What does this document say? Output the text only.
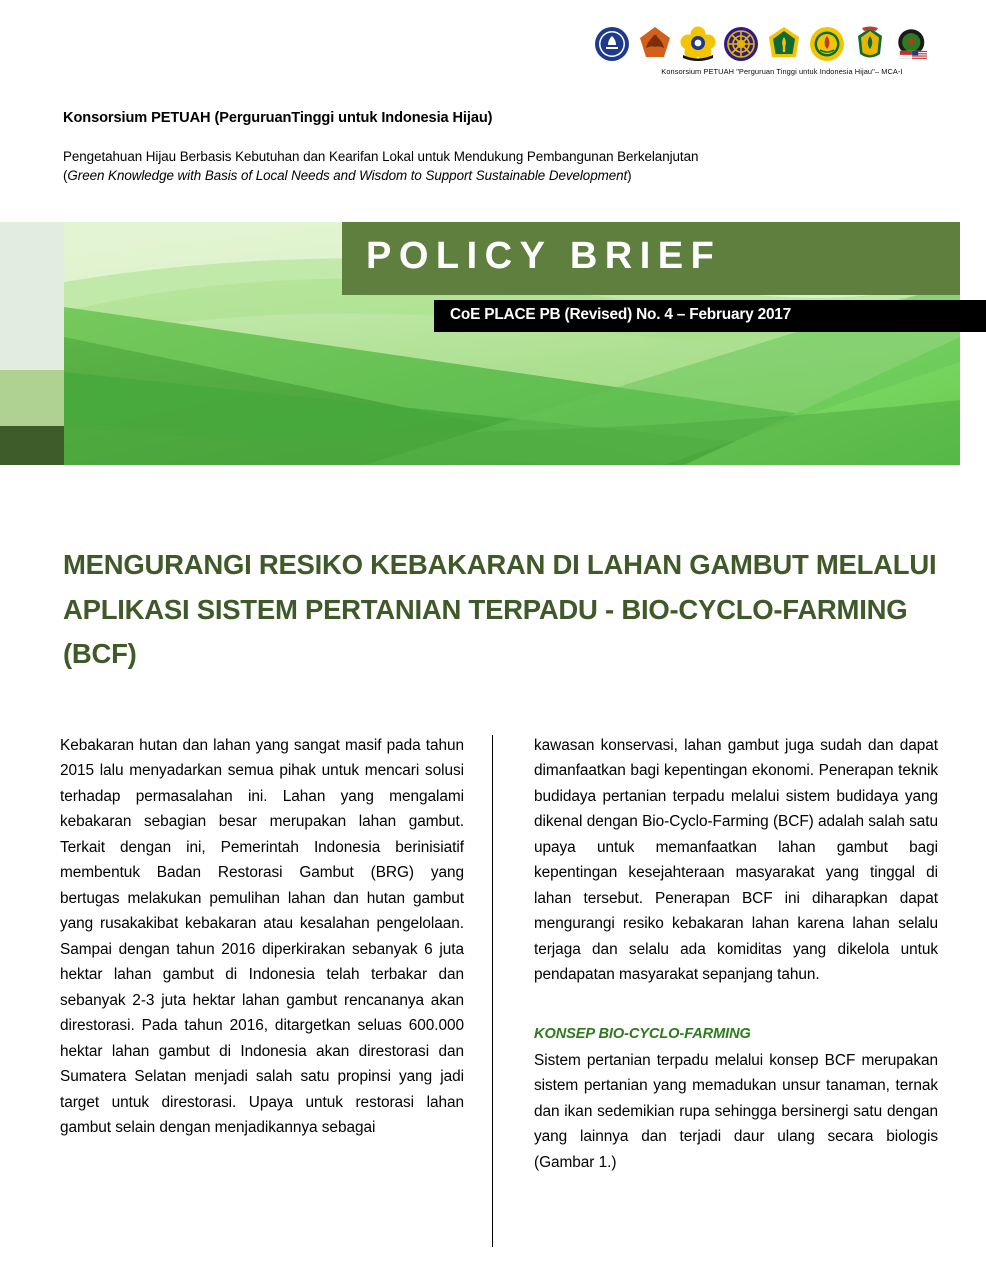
Konsorsium PETUAH "Perguruan Tinggi untuk Indonesia Hijau"– MCA-I
Konsorsium PETUAH (PerguruanTinggi untuk Indonesia Hijau)
Pengetahuan Hijau Berbasis Kebutuhan dan Kearifan Lokal untuk Mendukung Pembangunan Berkelanjutan
(Green Knowledge with Basis of Local Needs and Wisdom to Support Sustainable Development)
POLICY BRIEF
CoE PLACE PB (Revised) No. 4 – February 2017
MENGURANGI RESIKO KEBAKARAN DI LAHAN GAMBUT MELALUI APLIKASI SISTEM PERTANIAN TERPADU - BIO-CYCLO-FARMING (BCF)
Kebakaran hutan dan lahan yang sangat masif pada tahun 2015 lalu menyadarkan semua pihak untuk mencari solusi terhadap permasalahan ini. Lahan yang mengalami kebakaran sebagian besar merupakan lahan gambut. Terkait dengan ini, Pemerintah Indonesia berinisiatif membentuk Badan Restorasi Gambut (BRG) yang bertugas melakukan pemulihan lahan dan hutan gambut yang rusakakibat kebakaran atau kesalahan pengelolaan. Sampai dengan tahun 2016 diperkirakan sebanyak 6 juta hektar lahan gambut di Indonesia telah terbakar dan sebanyak 2-3 juta hektar lahan gambut rencananya akan direstorasi. Pada tahun 2016, ditargetkan seluas 600.000 hektar lahan gambut di Indonesia akan direstorasi dan Sumatera Selatan menjadi salah satu propinsi yang jadi target untuk direstorasi. Upaya untuk restorasi lahan gambut selain dengan menjadikannya sebagai
kawasan konservasi, lahan gambut juga sudah dan dapat dimanfaatkan bagi kepentingan ekonomi. Penerapan teknik budidaya pertanian terpadu melalui sistem budidaya yang dikenal dengan Bio-Cyclo-Farming (BCF) adalah salah satu upaya untuk memanfaatkan lahan gambut bagi kepentingan kesejahteraan masyarakat yang tinggal di lahan tersebut. Penerapan BCF ini diharapkan dapat mengurangi resiko kebakaran lahan karena lahan selalu terjaga dan selalu ada komiditas yang dikelola untuk pendapatan masyarakat sepanjang tahun.
KONSEP BIO-CYCLO-FARMING
Sistem pertanian terpadu melalui konsep BCF merupakan sistem pertanian yang memadukan unsur tanaman, ternak dan ikan sedemikian rupa sehingga bersinergi satu dengan yang lainnya dan terjadi daur ulang secara biologis (Gambar 1.)
